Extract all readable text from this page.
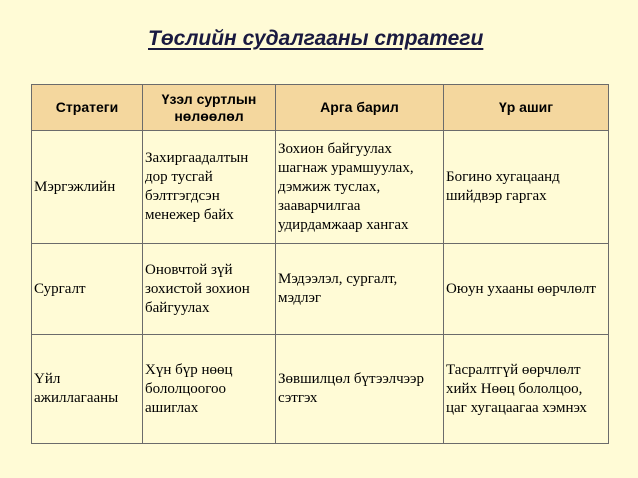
Төслийн судалгааны стратеги
Стратеги	Үзэл суртлын нөлөөлөл	Арга барил	Үр ашиг
Мэргэжлийн	Захиргаадалтын дор тусгай бэлтгэгдсэн менежер байх	Зохион байгуулах шагнаж урамшуулах, дэмжиж туслах, зааварчилгаа удирдамжаар хангах	Богино хугацаанд шийдвэр гаргах
Сургалт	Оновчтой зүй зохистой зохион байгуулах	Мэдээлэл, сургалт, мэдлэг	Оюун ухааны өөрчлөлт
Үйл ажиллагааны	Хүн бүр нөөц бололцоогоо ашиглах	Зөвшилцөл бүтээлчээр сэтгэх	Тасралтгүй өөрчлөлт хийх Нөөц бололцоо, цаг хугацаагаа хэмнэх
